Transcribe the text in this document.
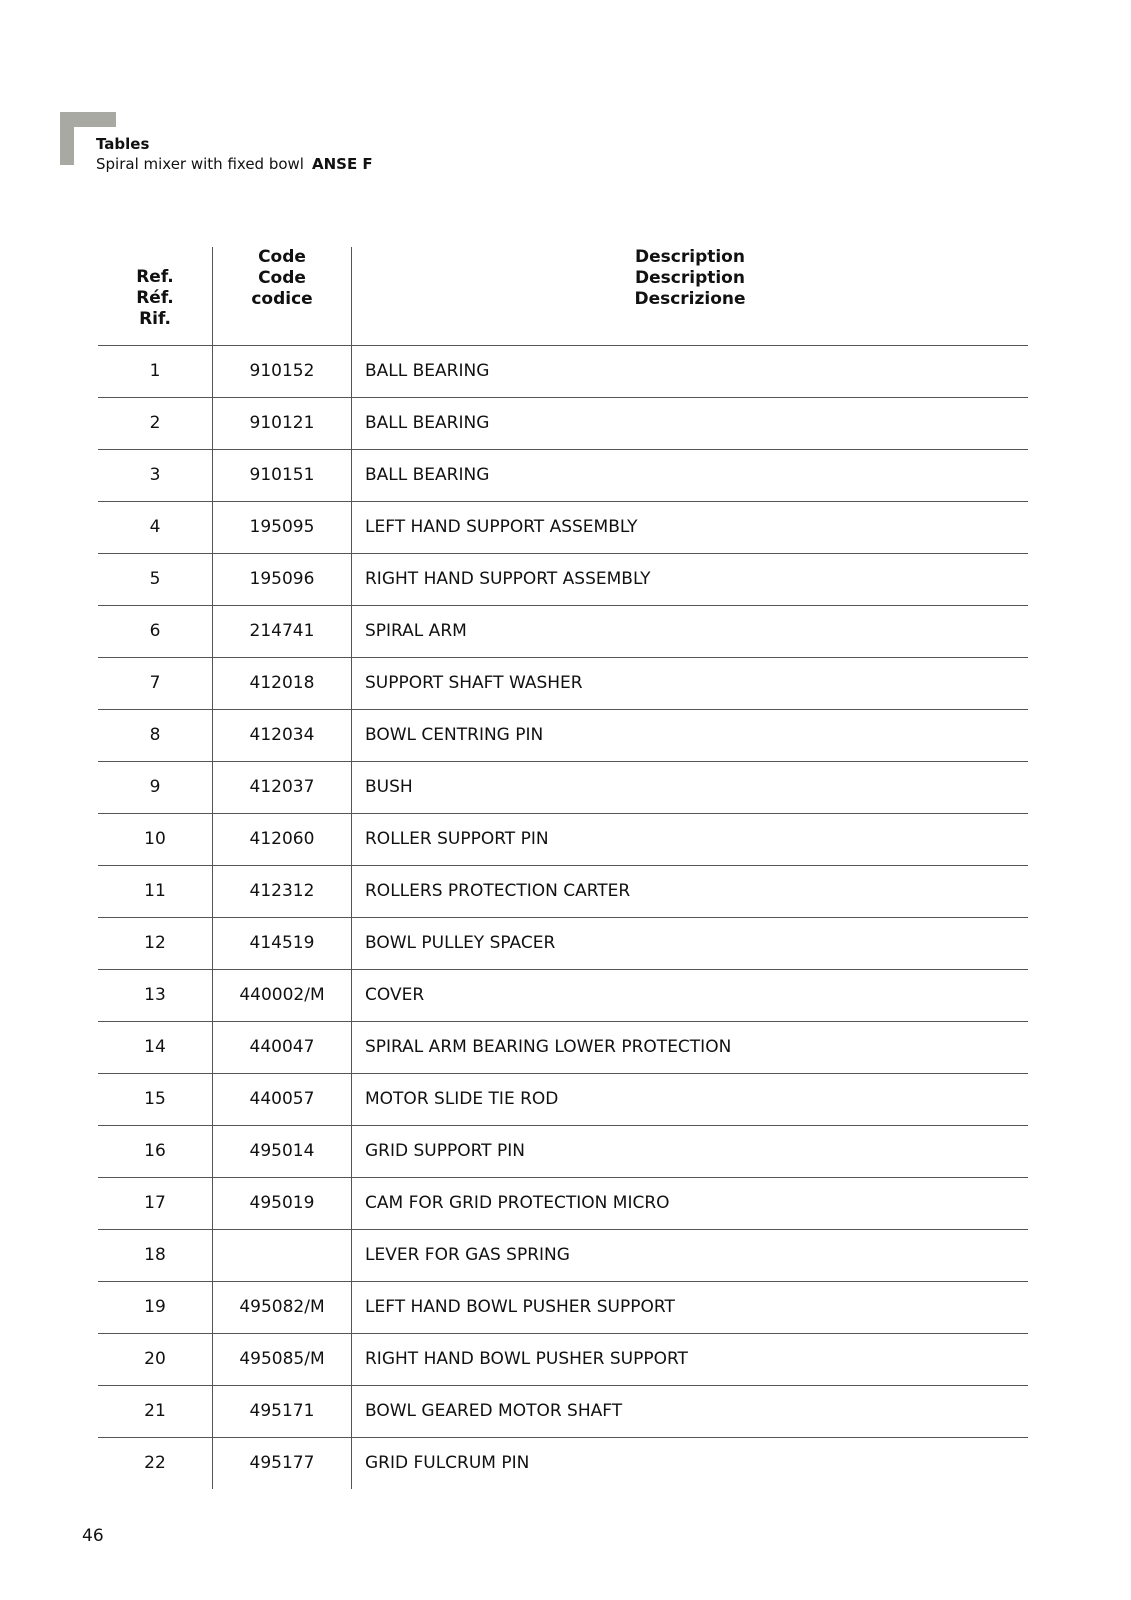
Tables
Spiral mixer with fixed bowl ANSE F
Ref.
Réf.
Rif.	Code
Code
codice	Description
Description
Descrizione

1	910152	BALL BEARING
2	910121	BALL BEARING
3	910151	BALL BEARING
4	195095	LEFT HAND SUPPORT ASSEMBLY
5	195096	RIGHT HAND SUPPORT ASSEMBLY
6	214741	SPIRAL ARM
7	412018	SUPPORT SHAFT WASHER
8	412034	BOWL CENTRING PIN
9	412037	BUSH
10	412060	ROLLER SUPPORT PIN
11	412312	ROLLERS PROTECTION CARTER
12	414519	BOWL PULLEY SPACER
13	440002/M	COVER
14	440047	SPIRAL ARM BEARING LOWER PROTECTION
15	440057	MOTOR SLIDE TIE ROD
16	495014	GRID SUPPORT PIN
17	495019	CAM FOR GRID PROTECTION MICRO
18		LEVER FOR GAS SPRING
19	495082/M	LEFT HAND BOWL PUSHER SUPPORT
20	495085/M	RIGHT HAND BOWL PUSHER SUPPORT
21	495171	BOWL GEARED MOTOR SHAFT
22	495177	GRID FULCRUM PIN
46
